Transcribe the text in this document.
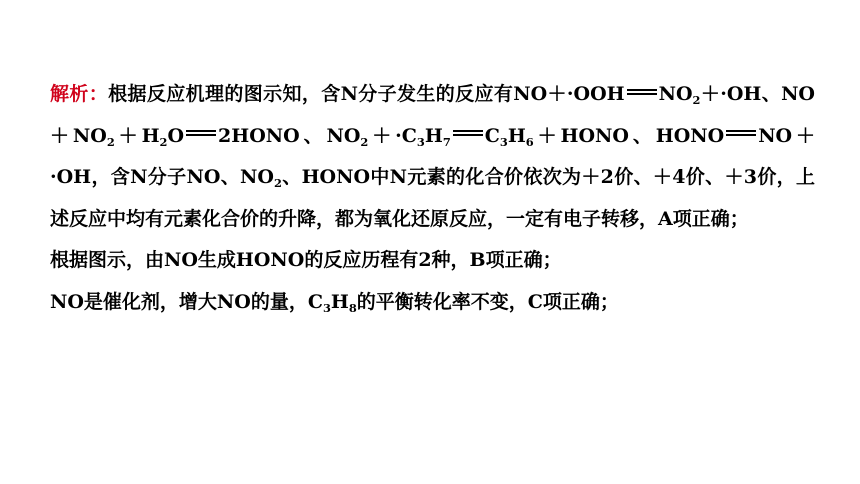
解析：根据反应机理的图示知，含N分子发生的反应有NO＋·OOH $NO_2+\cdot OH$、$NO+NO_2+H_2O$ 2HONO、$NO_2+\cdot C_3H_7$ $C_3H_6+HONO$、HONO NO＋·OH，含N分子NO、$NO_2$、HONO中N元素的化合价依次为＋2价、＋4价、＋3价，上述反应中均有元素化合价的升降，都为氧化还原反应，一定有电子转移，A项正确；

根据图示，由NO生成HONO的反应历程有2种，B项正确；

NO是催化剂，增大NO的量，$C_3H_8$的平衡转化率不变，C项正确；
